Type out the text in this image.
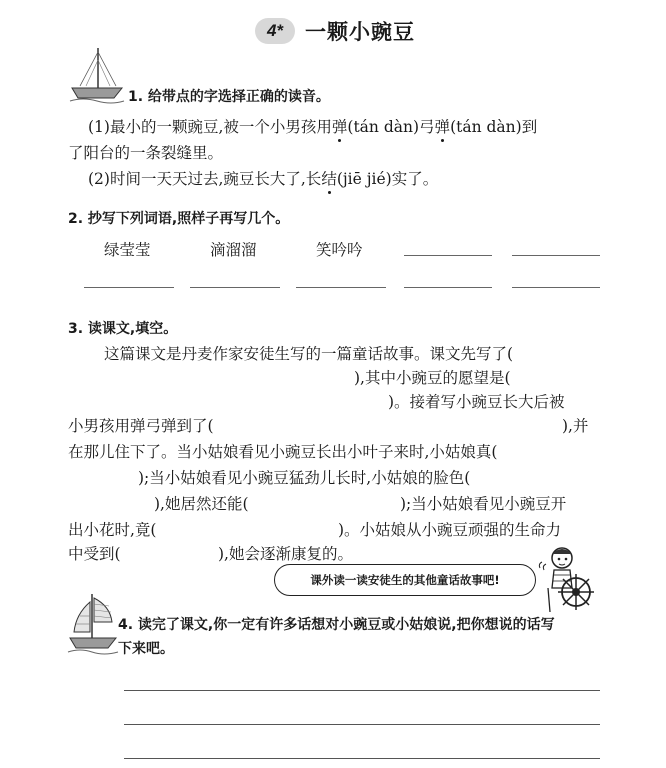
4*	一颗小豌豆
1. 给带点的字选择正确的读音。
(1)最小的一颗豌豆,被一个小男孩用弹(tán dàn)弓弹(tán dàn)到
了阳台的一条裂缝里。
(2)时间一天天过去,豌豆长大了,长结(jiē jié)实了。
2. 抄写下列词语,照样子再写几个。
绿莹莹	滴溜溜	笑吟吟
3. 读课文,填空。
这篇课文是丹麦作家安徒生写的一篇童话故事。课文先写了(
),其中小豌豆的愿望是(
)。接着写小豌豆长大后被
小男孩用弹弓弹到了(	),并
在那儿住下了。当小姑娘看见小豌豆长出小叶子来时,小姑娘真(
);当小姑娘看见小豌豆猛劲儿长时,小姑娘的脸色(
),她居然还能(	);当小姑娘看见小豌豆开
出小花时,竟(	)。小姑娘从小豌豆顽强的生命力
中受到(	),她会逐渐康复的。
课外读一读安徒生的其他童话故事吧!
4. 读完了课文,你一定有许多话想对小豌豆或小姑娘说,把你想说的话写
下来吧。
